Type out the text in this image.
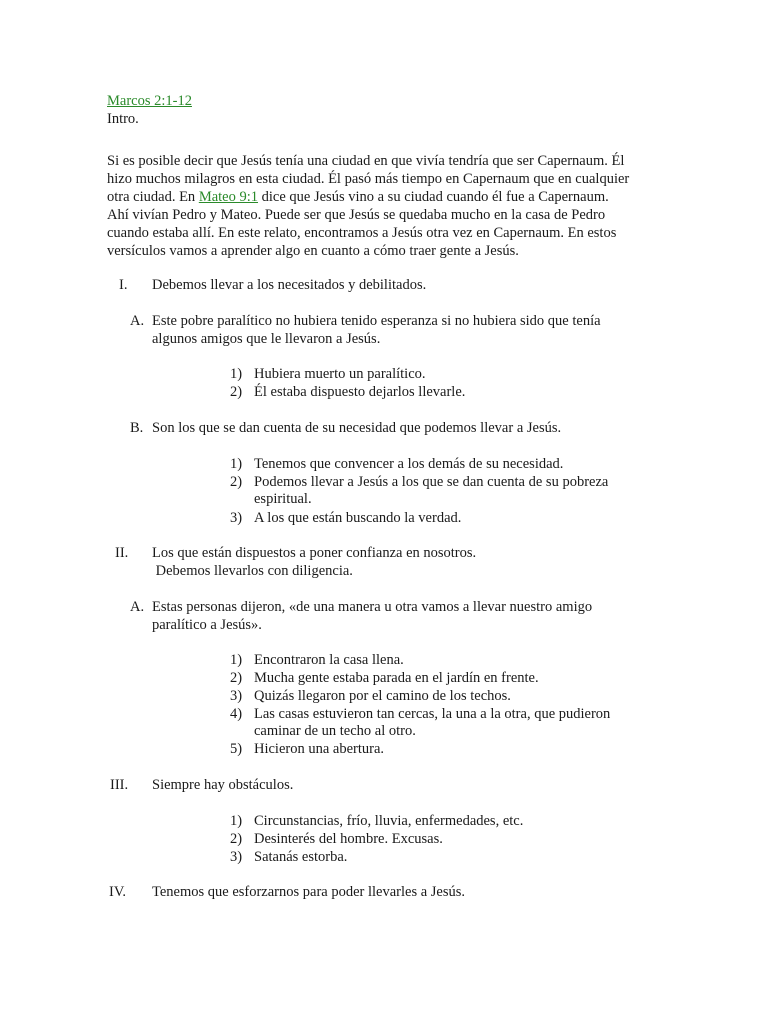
Marcos 2:1-12
Intro.
Si es posible decir que Jesús tenía una ciudad en que vivía tendría que ser Capernaum. Él
hizo muchos milagros en esta ciudad. Él pasó más tiempo en Capernaum que en cualquier
otra ciudad. En Mateo 9:1 dice que Jesús vino a su ciudad cuando él fue a Capernaum.
Ahí vivían Pedro y Mateo. Puede ser que Jesús se quedaba mucho en la casa de Pedro
cuando estaba allí. En este relato, encontramos a Jesús otra vez en Capernaum. En estos
versículos vamos a aprender algo en cuanto a cómo traer gente a Jesús.
I. Debemos llevar a los necesitados y debilitados.
A. Este pobre paralítico no hubiera tenido esperanza si no hubiera sido que tenía
algunos amigos que le llevaron a Jesús.
1) Hubiera muerto un paralítico.
2) Él estaba dispuesto dejarlos llevarle.
B. Son los que se dan cuenta de su necesidad que podemos llevar a Jesús.
1) Tenemos que convencer a los demás de su necesidad.
2) Podemos llevar a Jesús a los que se dan cuenta de su pobreza
espiritual.
3) A los que están buscando la verdad.
II. Los que están dispuestos a poner confianza en nosotros.
Debemos llevarlos con diligencia.
A. Estas personas dijeron, «de una manera u otra vamos a llevar nuestro amigo
paralítico a Jesús».
1) Encontraron la casa llena.
2) Mucha gente estaba parada en el jardín en frente.
3) Quizás llegaron por el camino de los techos.
4) Las casas estuvieron tan cercas, la una a la otra, que pudieron
caminar de un techo al otro.
5) Hicieron una abertura.
III. Siempre hay obstáculos.
1) Circunstancias, frío, lluvia, enfermedades, etc.
2) Desinterés del hombre. Excusas.
3) Satanás estorba.
IV. Tenemos que esforzarnos para poder llevarles a Jesús.
